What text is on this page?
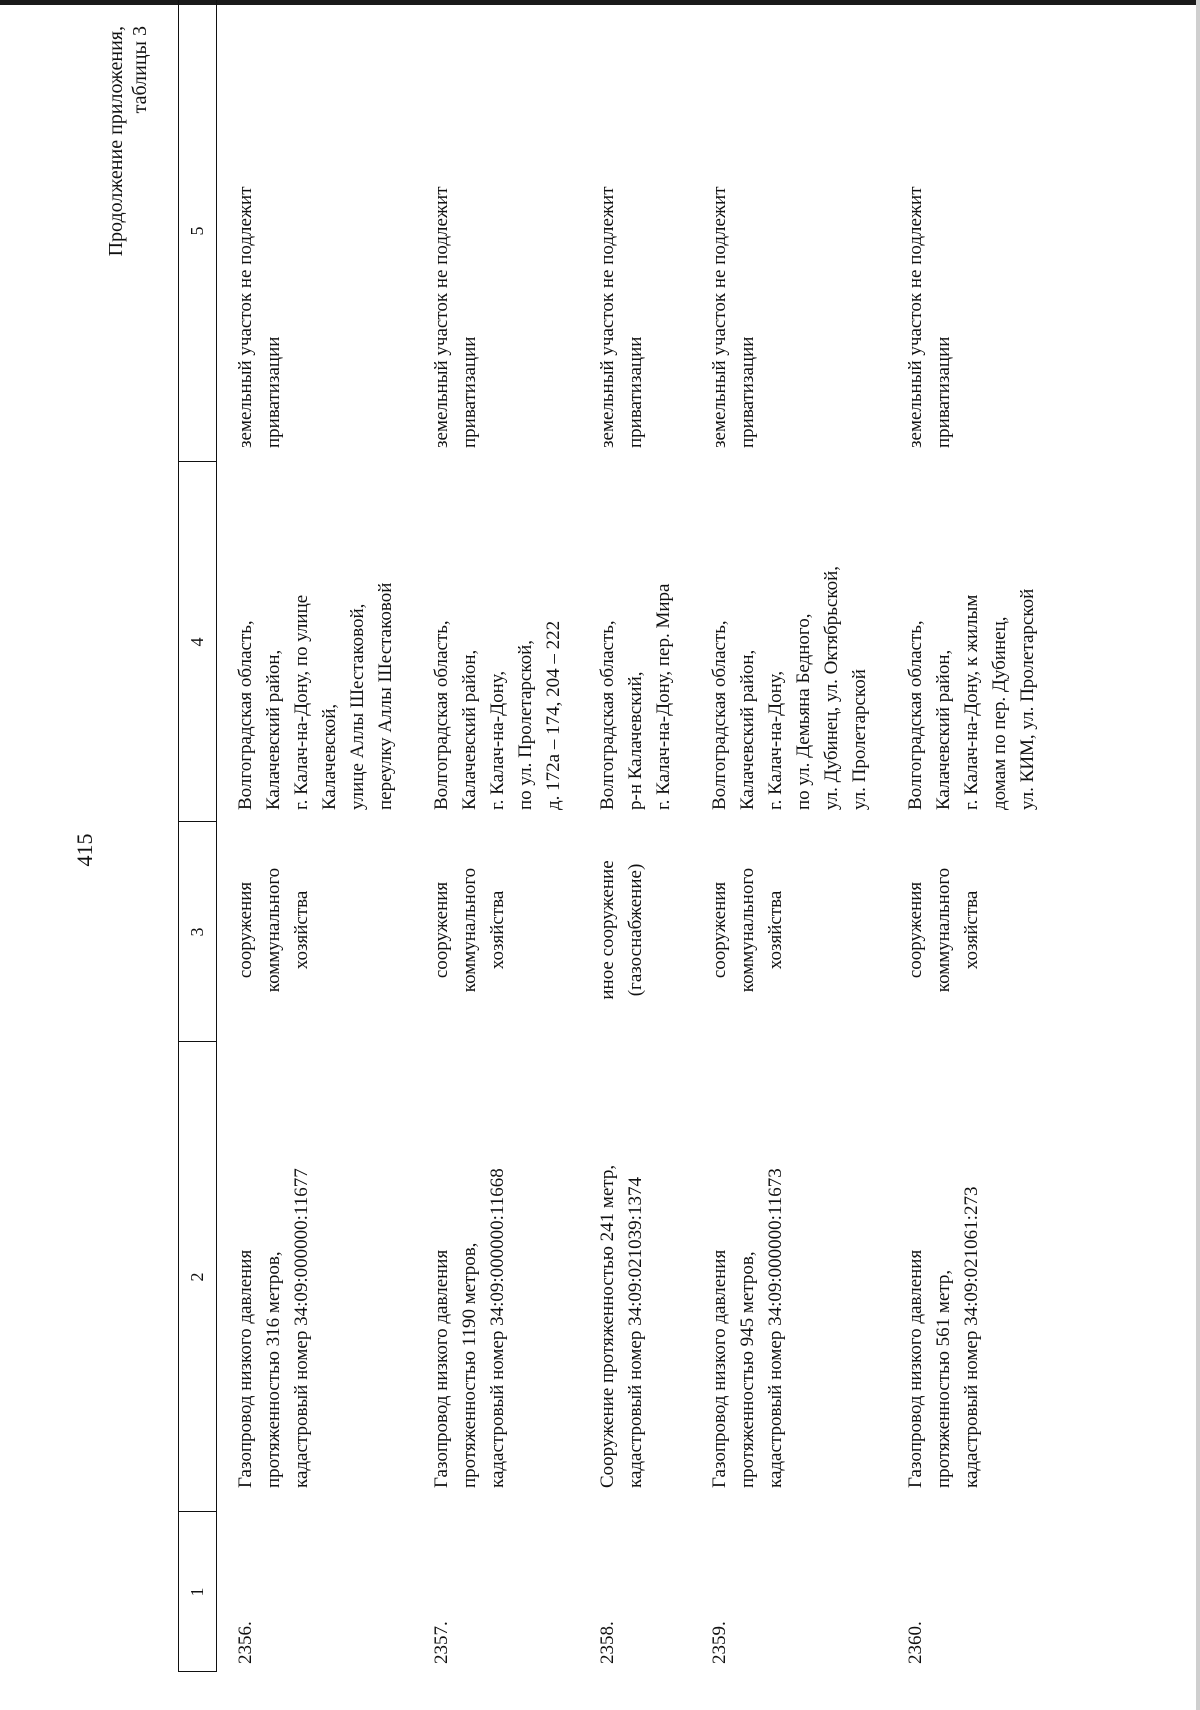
415
Продолжение приложения,
таблицы 3
1
2
3
4
5
2356.
Газопровод низкого давления
протяженностью 316 метров,
кадастровый номер 34:09:000000:11677
сооружения
коммунального
хозяйства
Волгоградская область,
Калачевский район,
г. Калач-на-Дону, по улице
Калачевской,
улице Аллы Шестаковой,
переулку Аллы Шестаковой
земельный участок не подлежит
приватизации
2357.
Газопровод низкого давления
протяженностью 1190 метров,
кадастровый номер 34:09:000000:11668
сооружения
коммунального
хозяйства
Волгоградская область,
Калачевский район,
г. Калач-на-Дону,
по ул. Пролетарской,
д. 172а – 174, 204 – 222
земельный участок не подлежит
приватизации
2358.
Сооружение протяженностью 241 метр,
кадастровый номер 34:09:021039:1374
иное сооружение
(газоснабжение)
Волгоградская область,
р-н Калачевский,
г. Калач-на-Дону, пер. Мира
земельный участок не подлежит
приватизации
2359.
Газопровод низкого давления
протяженностью 945 метров,
кадастровый номер 34:09:000000:11673
сооружения
коммунального
хозяйства
Волгоградская область,
Калачевский район,
г. Калач-на-Дону,
по ул. Демьяна Бедного,
ул. Дубинец, ул. Октябрьской,
ул. Пролетарской
земельный участок не подлежит
приватизации
2360.
Газопровод низкого давления
протяженностью 561 метр,
кадастровый номер 34:09:021061:273
сооружения
коммунального
хозяйства
Волгоградская область,
Калачевский район,
г. Калач-на-Дону, к жилым
домам по пер. Дубинец,
ул. КИМ, ул. Пролетарской
земельный участок не подлежит
приватизации
